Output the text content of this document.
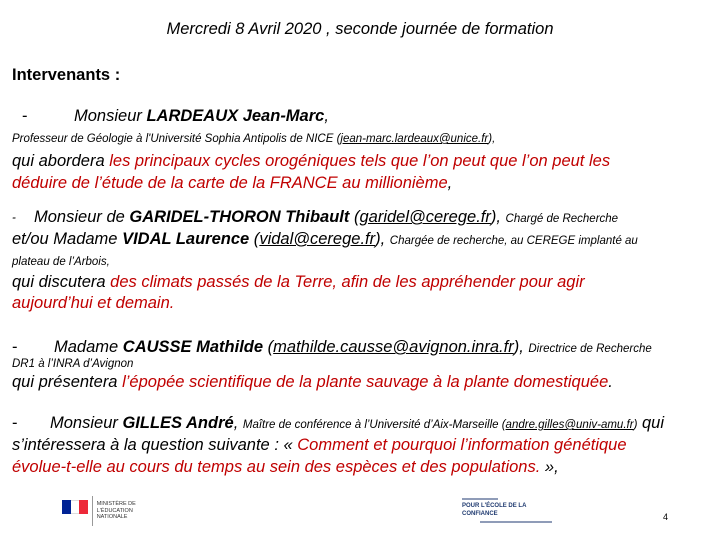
Mercredi 8 Avril 2020 , seconde journée de formation
Intervenants :
-	Monsieur LARDEAUX Jean-Marc,
Professeur de Géologie à l'Université Sophia Antipolis de NICE (jean-marc.lardeaux@unice.fr),
qui abordera les principaux cycles orogéniques tels que l’on peut que l’on peut les
déduire de l’étude de la carte de la FRANCE au millionième,
- Monsieur de GARIDEL-THORON Thibault (garidel@cerege.fr), Chargé de Recherche
et/ou Madame VIDAL Laurence (vidal@cerege.fr), Chargée de recherche, au CEREGE implanté au
plateau de l’Arbois,
qui discutera des climats passés de la Terre, afin de les appréhender pour agir
aujourd’hui et demain.
- Madame CAUSSE Mathilde (mathilde.causse@avignon.inra.fr), Directrice de Recherche
DR1 à l’INRA d’Avignon
qui présentera l’épopée scientifique de la plante sauvage à la plante domestiquée.
- Monsieur GILLES André, Maître de conférence à l’Université d’Aix-Marseille (andre.gilles@univ-amu.fr) qui
s’intéressera à la question suivante : « Comment et pourquoi l’information génétique
évolue-t-elle au cours du temps au sein des espèces et des populations. »,
MINISTÈRE DE L'ÉDUCATION NATIONALE
POUR L'ÉCOLE DE LA CONFIANCE	4
